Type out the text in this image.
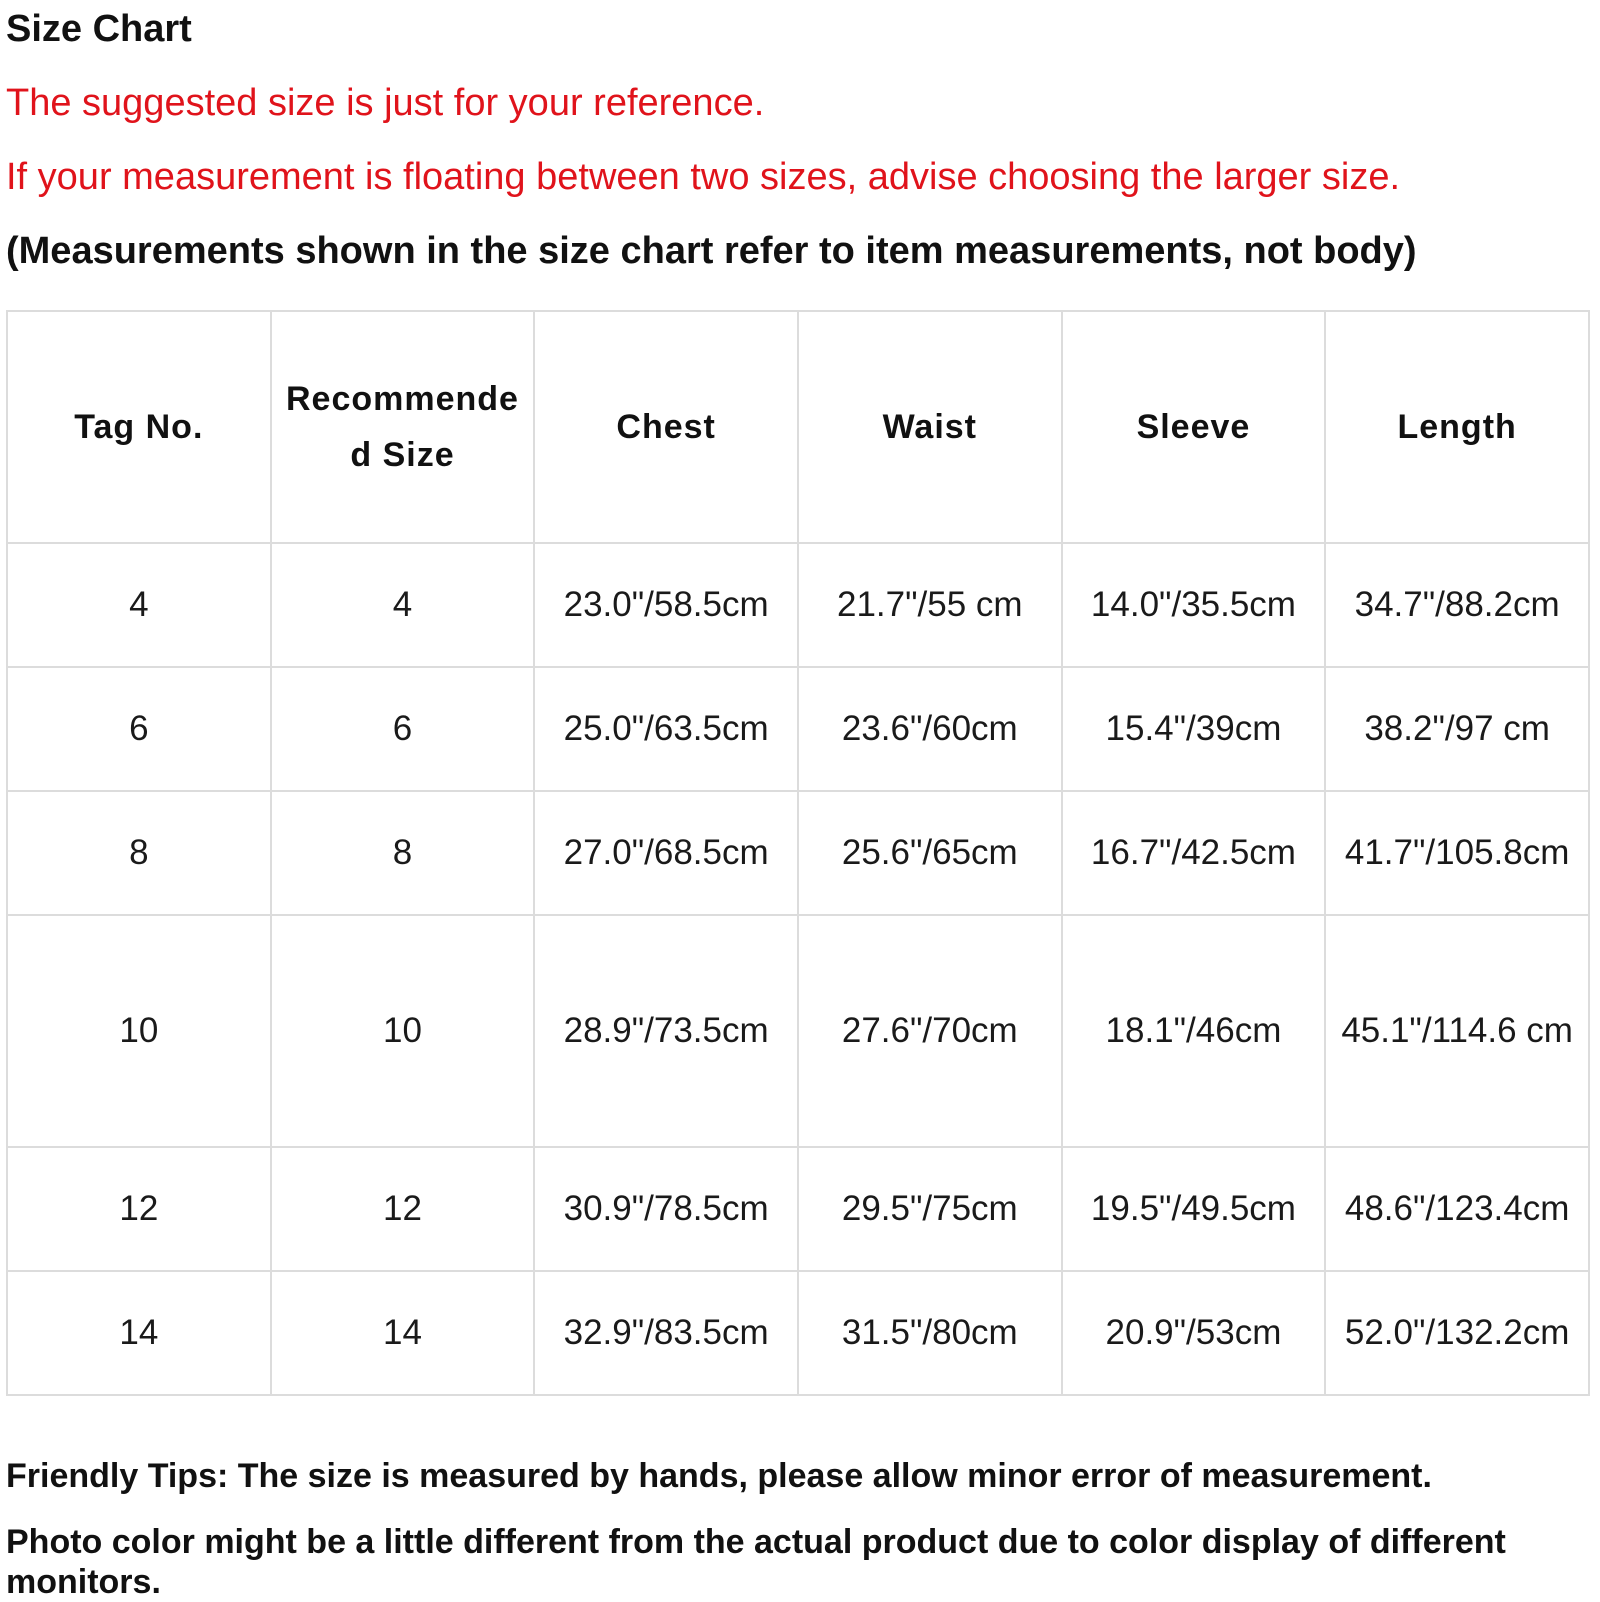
Size Chart
The suggested size is just for your reference.
If your measurement is floating between two sizes, advise choosing the larger size.
(Measurements shown in the size chart refer to item measurements, not body)
Tag No.	Recommended Size	Chest	Waist	Sleeve	Length
4	4	23.0"/58.5cm	21.7"/55 cm	14.0"/35.5cm	34.7"/88.2cm
6	6	25.0"/63.5cm	23.6"/60cm	15.4"/39cm	38.2"/97 cm
8	8	27.0"/68.5cm	25.6"/65cm	16.7"/42.5cm	41.7"/105.8cm
10	10	28.9"/73.5cm	27.6"/70cm	18.1"/46cm	45.1"/114.6 cm
12	12	30.9"/78.5cm	29.5"/75cm	19.5"/49.5cm	48.6"/123.4cm
14	14	32.9"/83.5cm	31.5"/80cm	20.9"/53cm	52.0"/132.2cm
Friendly Tips: The size is measured by hands, please allow minor error of measurement.
Photo color might be a little different from the actual product due to color display of different monitors.
